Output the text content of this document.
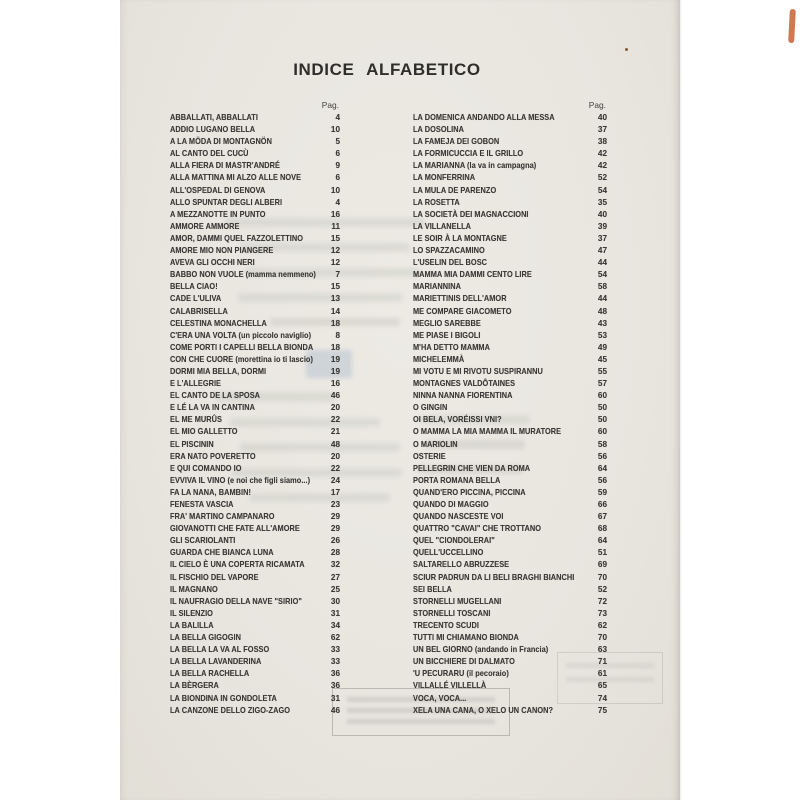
INDICE ALFABETICO
Pag.
ABBALLATI, ABBALLATI	4
ADDIO LUGANO BELLA	10
A LA MÖDA DI MONTAGNÖN	5
AL CANTO DEL CUCÙ	6
ALLA FIERA DI MASTR'ANDRÉ	9
ALLA MATTINA MI ALZO ALLE NOVE	6
ALL'OSPEDAL DI GENOVA	10
ALLO SPUNTAR DEGLI ALBERI	4
A MEZZANOTTE IN PUNTO	16
AMMORE AMMORE	11
AMOR, DAMMI QUEL FAZZOLETTINO	15
AMORE MIO NON PIANGERE	12
AVEVA GLI OCCHI NERI	12
BABBO NON VUOLE (mamma nemmeno)	7
BELLA CIAO!	15
CADE L'ULIVA	13
CALABRISELLA	14
CELESTINA MONACHELLA	18
C'ERA UNA VOLTA (un piccolo naviglio)	8
COME PORTI I CAPELLI BELLA BIONDA	18
CON CHE CUORE (morettina io ti lascio)	19
DORMI MIA BELLA, DORMI	19
E L'ALLEGRIE	16
EL CANTO DE LA SPOSA	46
E LÉ LA VA IN CANTINA	20
EL ME MURÛS	22
EL MIO GALLETTO	21
EL PISCININ	48
ERA NATO POVERETTO	20
E QUI COMANDO IO	22
EVVIVA IL VINO (e noi che figli siamo...)	24
FA LA NANA, BAMBIN!	17
FENESTA VASCIA	23
FRA' MARTINO CAMPANARO	29
GIOVANOTTI CHE FATE ALL'AMORE	29
GLI SCARIOLANTI	26
GUARDA CHE BIANCA LUNA	28
IL CIELO È UNA COPERTA RICAMATA	32
IL FISCHIO DEL VAPORE	27
IL MAGNANO	25
IL NAUFRAGIO DELLA NAVE "SIRIO"	30
IL SILENZIO	31
LA BALILLA	34
LA BELLA GIGOGIN	62
LA BELLA LA VA AL FOSSO	33
LA BELLA LAVANDERINA	33
LA BELLA RACHELLA	36
LA BÈRGERA	36
LA BIONDINA IN GONDOLETA	31
LA CANZONE DELLO ZIGO-ZAGO	46
Pag.
LA DOMENICA ANDANDO ALLA MESSA	40
LA DOSOLINA	37
LA FAMEJA DEI GOBON	38
LA FORMICUCCIA E IL GRILLO	42
LA MARIANNA (la va in campagna)	42
LA MONFERRINA	52
LA MULA DE PARENZO	54
LA ROSETTA	35
LA SOCIETÀ DEI MAGNACCIONI	40
LA VILLANELLA	39
LE SOIR À LA MONTAGNE	37
LO SPAZZACAMINO	47
L'USELIN DEL BOSC	44
MAMMA MIA DAMMI CENTO LIRE	54
MARIANNINA	58
MARIETTINIS DELL'AMOR	44
ME COMPARE GIACOMETO	48
MEGLIO SAREBBE	43
ME PIASE I BIGOLI	53
M'HA DETTO MAMMA	49
MICHELEMMÀ	45
MI VOTU E MI RIVOTU SUSPIRANNU	55
MONTAGNES VALDÔTAINES	57
NINNA NANNA FIORENTINA	60
O GINGIN	50
OI BELA, VORÉISSI VNI?	50
O MAMMA LA MIA MAMMA IL MURATORE	60
O MARIOLIN	58
OSTERIE	56
PELLEGRIN CHE VIEN DA ROMA	64
PORTA ROMANA BELLA	56
QUAND'ERO PICCINA, PICCINA	59
QUANDO DI MAGGIO	66
QUANDO NASCESTE VOI	67
QUATTRO "CAVAI" CHE TROTTANO	68
QUEL "CIONDOLERAI"	64
QUELL'UCCELLINO	51
SALTARELLO ABRUZZESE	69
SCIUR PADRUN DA LI BELI BRAGHI BIANCHI	70
SEI BELLA	52
STORNELLI MUGELLANI	72
STORNELLI TOSCANI	73
TRECENTO SCUDI	62
TUTTI MI CHIAMANO BIONDA	70
UN BEL GIORNO (andando in Francia)	63
UN BICCHIERE DI DALMATO	71
'U PECURARU (il pecoraio)	61
VILLALLÉ VILLELLÀ	65
VOCA, VOCA...	74
XELA UNA CANA, O XELO UN CANON?	75
